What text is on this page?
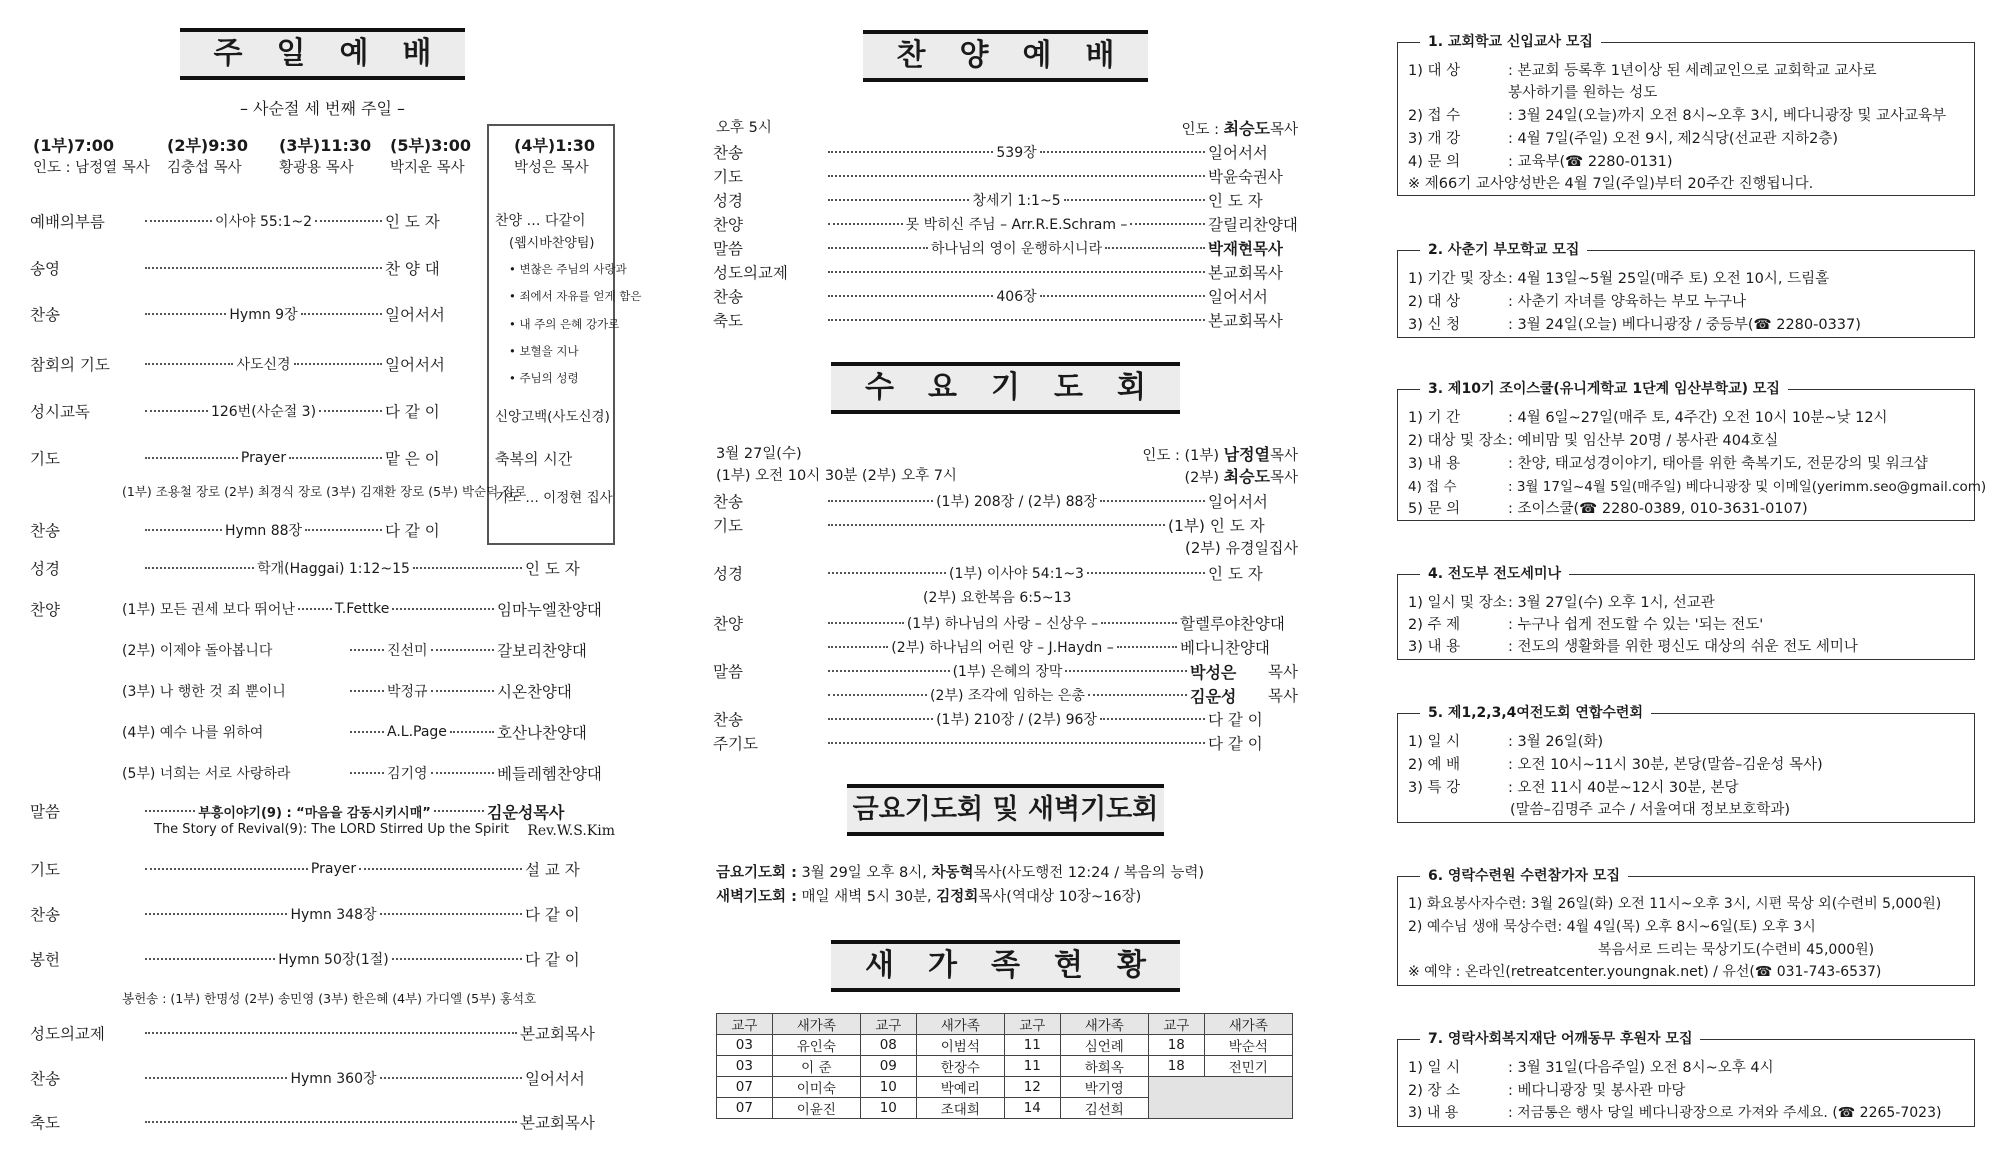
주일예배
– 사순절 세 번째 주일 –
(1부)7:00	(2부)9:30 (3부)11:30 (5부)3:00	(4부)1:30
인도 : 남정열 목사 김충섭 목사	황광용 목사	박지운 목사	박성은 목사
찬양 … 다같이
(웹시바찬양팀)
• 변찮은 주님의 사랑과
• 죄에서 자유를 얻게 함은
• 내 주의 은혜 강가로
• 보혈을 지나
• 주님의 성령
신앙고백(사도신경)
축복의 시간
기도 … 이정현 집사
예배의부름	이사야 55:1~2	인 도 자
송영	찬 양 대
찬송	Hymn 9장	일어서서
참회의 기도	사도신경	일어서서
성시교독	126번(사순절 3)	다 같 이
기도	Prayer	맡 은 이
(1부) 조용철 장로 (2부) 최경식 장로 (3부) 김재환 장로 (5부) 박순덕 장로
찬송	Hymn 88장	다 같 이
성경	학개(Haggai) 1:12~15	인 도 자
찬양	(1부) 모든 권세 보다 뛰어난	T.Fettke	임마누엘찬양대
(2부) 이제야 돌아봅니다	진선미	갈보리찬양대
(3부) 나 행한 것 죄 뿐이니	박정규	시온찬양대
(4부) 예수 나를 위하여	A.L.Page	호산나찬양대
(5부) 너희는 서로 사랑하라	김기영	베들레헴찬양대
말씀	부흥이야기(9) : “마음을 감동시키시매”	김운성목사
The Story of Revival(9): The LORD Stirred Up the Spirit Rev.W.S.Kim
기도	Prayer	설 교 자
찬송	Hymn 348장	다 같 이
봉헌	Hymn 50장(1절)	다 같 이
봉헌송 : (1부) 한명성 (2부) 송민영 (3부) 한은혜 (4부) 가디엘 (5부) 홍석호
성도의교제	본교회목사
찬송	Hymn 360장	일어서서
축도	본교회목사
찬양예배
오후 5시	인도 : 최승도목사
찬송	539장	일어서서
기도	박윤숙권사
성경	창세기 1:1~5	인 도 자
찬양	못 박히신 주님 – Arr.R.E.Schram –	갈릴리찬양대
말씀	하나님의 영이 운행하시니라	박재현목사
성도의교제	본교회목사
찬송	406장	일어서서
축도	본교회목사
수요기도회
3월 27일(수)
(1부) 오전 10시 30분 (2부) 오후 7시
인도 : (1부) 남정열목사
(2부) 최승도목사
찬송	(1부) 208장 / (2부) 88장	일어서서
기도	(1부) 인 도 자
(2부) 유경일집사
성경	(1부) 이사야 54:1~3	인 도 자
(2부) 요한복음 6:5~13
찬양	(1부) 하나님의 사랑 – 신상우 –	할렐루야찬양대
(2부) 하나님의 어린 양 – J.Haydn –	베다니찬양대
말씀	(1부) 은혜의 장막	박성은 목사
(2부) 조각에 임하는 은총	김운성 목사
찬송	(1부) 210장 / (2부) 96장	다 같 이
주기도	다 같 이
금요기도회 및 새벽기도회
금요기도회 : 3월 29일 오후 8시, 차동혁목사(사도행전 12:24 / 복음의 능력)
새벽기도회 : 매일 새벽 5시 30분, 김정회목사(역대상 10장~16장)
새가족현황
교구	새가족	교구	새가족	교구	새가족	교구	새가족
03	유인숙	08	이범석	11	심언례	18	박순석
03	이 준	09	한장수	11	하희옥	18	전민기
07	이미숙	10	박예리	12	박기영		
07	이윤진	10	조대희	14	김선희		
1. 교회학교 신입교사 모집
1) 대 상	: 본교회 등록후 1년이상 된 세례교인으로 교회학교 교사로
봉사하기를 원하는 성도
2) 접 수	: 3월 24일(오늘)까지 오전 8시~오후 3시, 베다니광장 및 교사교육부
3) 개 강	: 4월 7일(주일) 오전 9시, 제2식당(선교관 지하2층)
4) 문 의	: 교육부(☎ 2280-0131)
※ 제66기 교사양성반은 4월 7일(주일)부터 20주간 진행됩니다.
2. 사춘기 부모학교 모집
1) 기간 및 장소: 4월 13일~5월 25일(매주 토) 오전 10시, 드림홀
2) 대 상	: 사춘기 자녀를 양육하는 부모 누구나
3) 신 청	: 3월 24일(오늘) 베다니광장 / 중등부(☎ 2280-0337)
3. 제10기 조이스쿨(유니게학교 1단계 임산부학교) 모집
1) 기 간	: 4월 6일~27일(매주 토, 4주간) 오전 10시 10분~낮 12시
2) 대상 및 장소: 예비맘 및 임산부 20명 / 봉사관 404호실
3) 내 용	: 찬양, 태교성경이야기, 태아를 위한 축복기도, 전문강의 및 워크샵
4) 접 수	: 3월 17일~4월 5일(매주일) 베다니광장 및 이메일(yerimm.seo@gmail.com)
5) 문 의	: 조이스쿨(☎ 2280-0389, 010-3631-0107)
4. 전도부 전도세미나
1) 일시 및 장소: 3월 27일(수) 오후 1시, 선교관
2) 주 제	: 누구나 쉽게 전도할 수 있는 '되는 전도'
3) 내 용	: 전도의 생활화를 위한 평신도 대상의 쉬운 전도 세미나
5. 제1,2,3,4여전도회 연합수련회
1) 일 시	: 3월 26일(화)
2) 예 배	: 오전 10시~11시 30분, 본당(말씀–김운성 목사)
3) 특 강	: 오전 11시 40분~12시 30분, 본당
(말씀–김명주 교수 / 서울여대 정보보호학과)
6. 영락수련원 수련참가자 모집
1) 화요봉사자수련: 3월 26일(화) 오전 11시~오후 3시, 시편 묵상 외(수련비 5,000원)
2) 예수님 생애 묵상수련: 4월 4일(목) 오후 8시~6일(토) 오후 3시
복음서로 드리는 묵상기도(수련비 45,000원)
※ 예약 : 온라인(retreatcenter.youngnak.net) / 유선(☎ 031-743-6537)
7. 영락사회복지재단 어깨동무 후원자 모집
1) 일 시	: 3월 31일(다음주일) 오전 8시~오후 4시
2) 장 소	: 베다니광장 및 봉사관 마당
3) 내 용	: 저금통은 행사 당일 베다니광장으로 가져와 주세요. (☎ 2265-7023)
